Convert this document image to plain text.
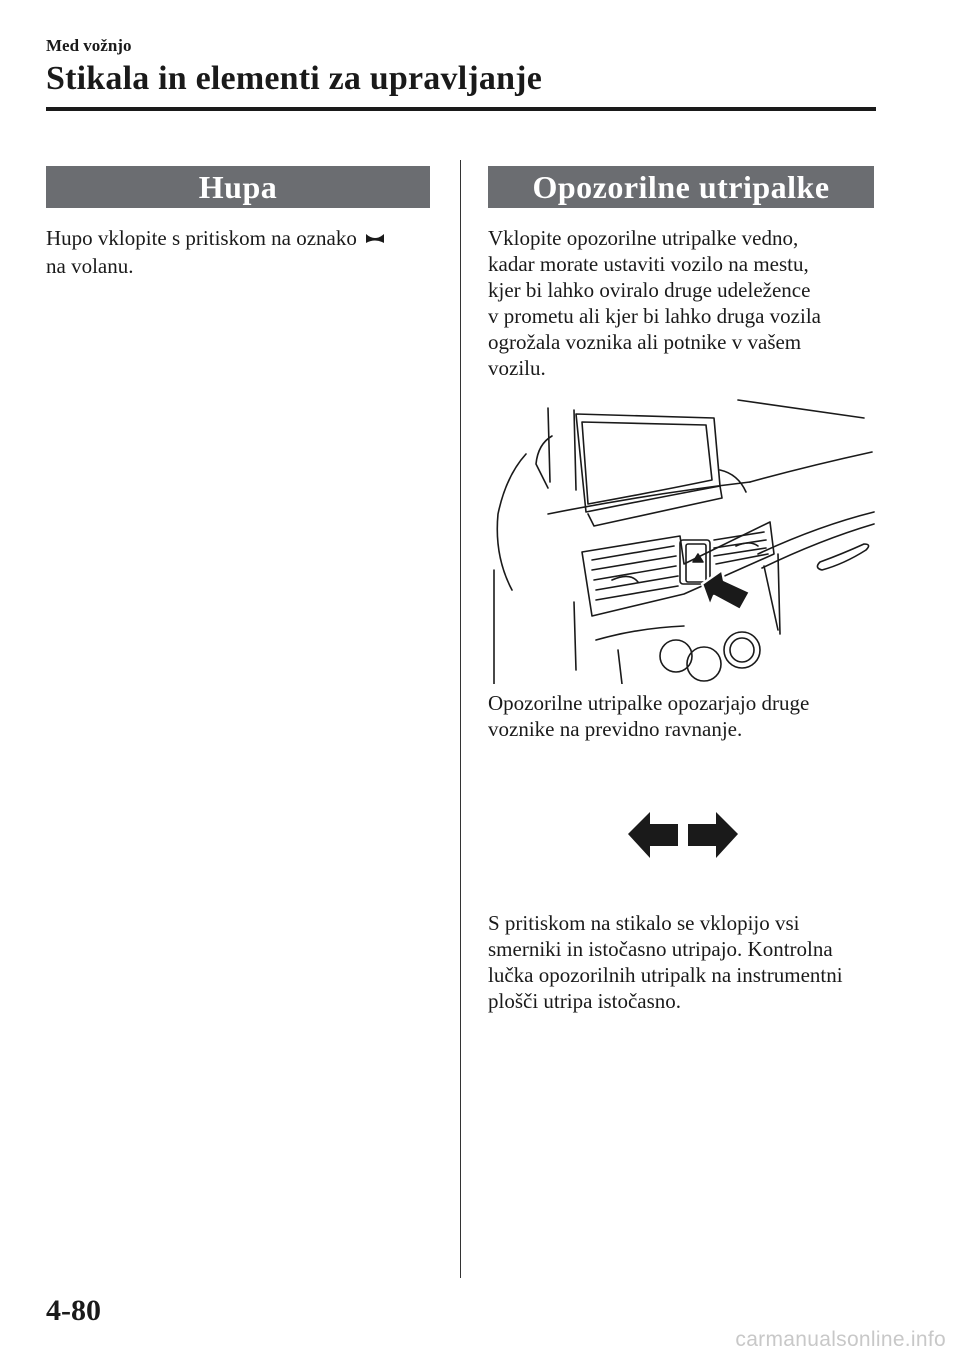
Med vožnjo
Stikala in elementi za upravljanje
Hupa
Hupo vklopite s pritiskom na oznako
na volanu.
Opozorilne utripalke
Vklopite opozorilne utripalke vedno,
kadar morate ustaviti vozilo na mestu,
kjer bi lahko oviralo druge udeležence
v prometu ali kjer bi lahko druga vozila
ogrožala voznika ali potnike v vašem
vozilu.
Opozorilne utripalke opozarjajo druge
voznike na previdno ravnanje.
S pritiskom na stikalo se vklopijo vsi
smerniki in istočasno utripajo. Kontrolna
lučka opozorilnih utripalk na instrumentni
plošči utripa istočasno.
4-80
carmanualsonline.info
